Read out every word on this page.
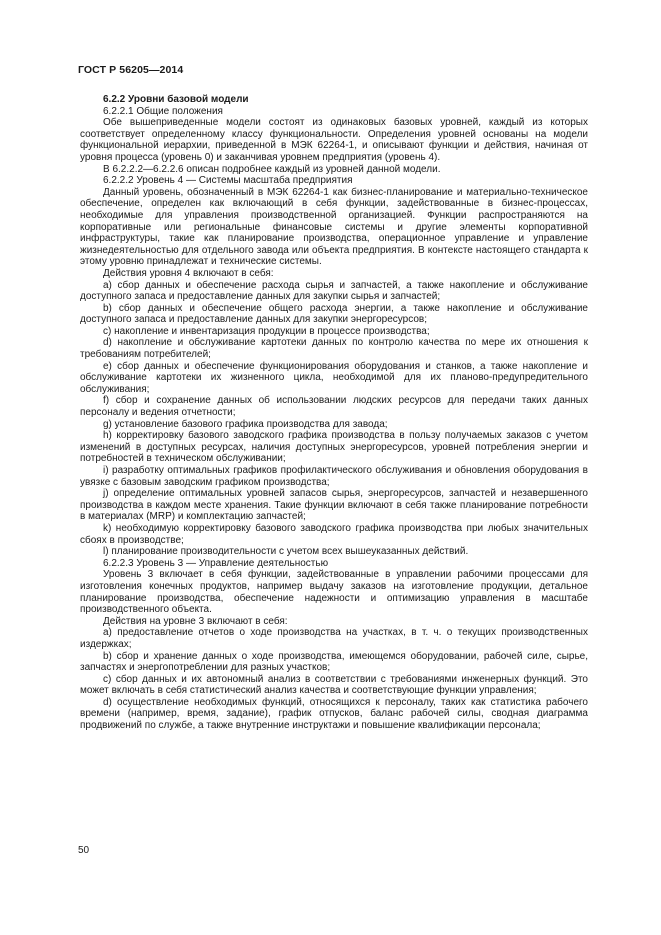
ГОСТ Р 56205—2014

6.2.2 Уровни базовой модели

6.2.2.1 Общие положения

Обе вышеприведенные модели состоят из одинаковых базовых уровней, каждый из которых соответствует определенному классу функциональности. Определения уровней основаны на модели функциональной иерархии, приведенной в МЭК 62264-1, и описывают функции и действия, начиная от уровня процесса (уровень 0) и заканчивая уровнем предприятия (уровень 4).

В 6.2.2.2—6.2.2.6 описан подробнее каждый из уровней данной модели.

6.2.2.2 Уровень 4 — Системы масштаба предприятия

Данный уровень, обозначенный в МЭК 62264-1 как бизнес-планирование и материально-техническое обеспечение, определен как включающий в себя функции, задействованные в бизнес-процессах, необходимые для управления производственной организацией. Функции распространяются на корпоративные или региональные финансовые системы и другие элементы корпоративной инфраструктуры, такие как планирование производства, операционное управление и управление жизнедеятельностью для отдельного завода или объекта предприятия. В контексте настоящего стандарта к этому уровню принадлежат и технические системы.

Действия уровня 4 включают в себя:

a) сбор данных и обеспечение расхода сырья и запчастей, а также накопление и обслуживание доступного запаса и предоставление данных для закупки сырья и запчастей;

b) сбор данных и обеспечение общего расхода энергии, а также накопление и обслуживание доступного запаса и предоставление данных для закупки энергоресурсов;

c) накопление и инвентаризация продукции в процессе производства;

d) накопление и обслуживание картотеки данных по контролю качества по мере их отношения к требованиям потребителей;

e) сбор данных и обеспечение функционирования оборудования и станков, а также накопление и обслуживание картотеки их жизненного цикла, необходимой для их планово-предупредительного обслуживания;

f) сбор и сохранение данных об использовании людских ресурсов для передачи таких данных персоналу и ведения отчетности;

g) установление базового графика производства для завода;

h) корректировку базового заводского графика производства в пользу получаемых заказов с учетом изменений в доступных ресурсах, наличия доступных энергоресурсов, уровней потребления энергии и потребностей в техническом обслуживании;

i) разработку оптимальных графиков профилактического обслуживания и обновления оборудования в увязке с базовым заводским графиком производства;

j) определение оптимальных уровней запасов сырья, энергоресурсов, запчастей и незавершенного производства в каждом месте хранения. Такие функции включают в себя также планирование потребности в материалах (MRP) и комплектацию запчастей;

k) необходимую корректировку базового заводского графика производства при любых значительных сбоях в производстве;

l) планирование производительности с учетом всех вышеуказанных действий.

6.2.2.3 Уровень 3 — Управление деятельностью

Уровень 3 включает в себя функции, задействованные в управлении рабочими процессами для изготовления конечных продуктов, например выдачу заказов на изготовление продукции, детальное планирование производства, обеспечение надежности и оптимизацию управления в масштабе производственного объекта.

Действия на уровне 3 включают в себя:

a) предоставление отчетов о ходе производства на участках, в т. ч. о текущих производственных издержках;

b) сбор и хранение данных о ходе производства, имеющемся оборудовании, рабочей силе, сырье, запчастях и энергопотреблении для разных участков;

c) сбор данных и их автономный анализ в соответствии с требованиями инженерных функций. Это может включать в себя статистический анализ качества и соответствующие функции управления;

d) осуществление необходимых функций, относящихся к персоналу, таких как статистика рабочего времени (например, время, задание), график отпусков, баланс рабочей силы, сводная диаграмма продвижений по службе, а также внутренние инструктажи и повышение квалификации персонала;

50
